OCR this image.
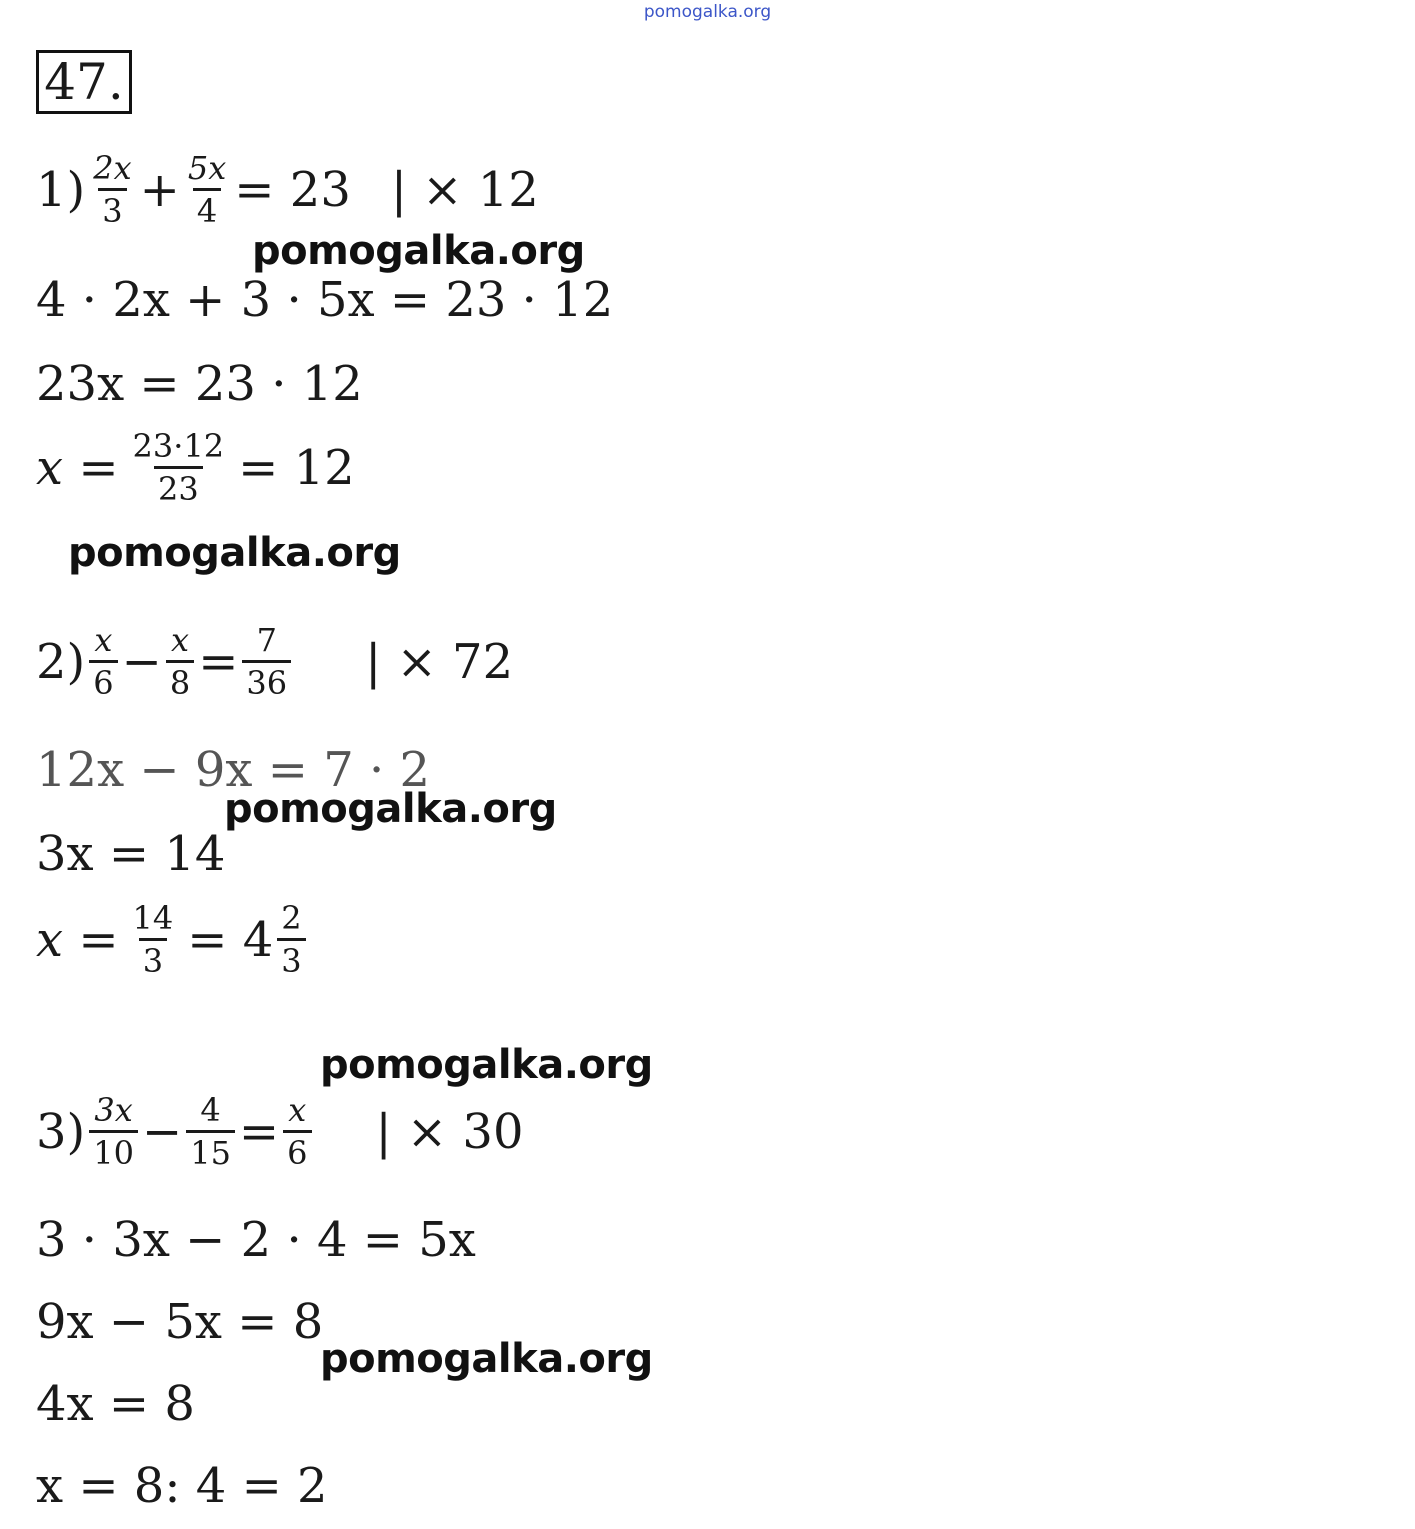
pomogalka.org
47.
$1) \frac{2x}{3} + \frac{5x}{4} = 23$ | × 12
pomogalka.org
4 · 2x + 3 · 5x = 23 · 12
23x = 23 · 12
$x = \frac{23\cdot 12}{23} = 12$
pomogalka.org
$2) \frac{x}{6} - \frac{x}{8} = \frac{7}{36}$ | × 72
12x − 9x = 7 · 2
pomogalka.org
3x = 14
$x = \frac{14}{3} = 4 \frac{2}{3}$
pomogalka.org
$3) \frac{3x}{10} - \frac{4}{15} = \frac{x}{6}$ | × 30
3 · 3x − 2 · 4 = 5x
9x − 5x = 8
pomogalka.org
4x = 8
x = 8: 4 = 2
